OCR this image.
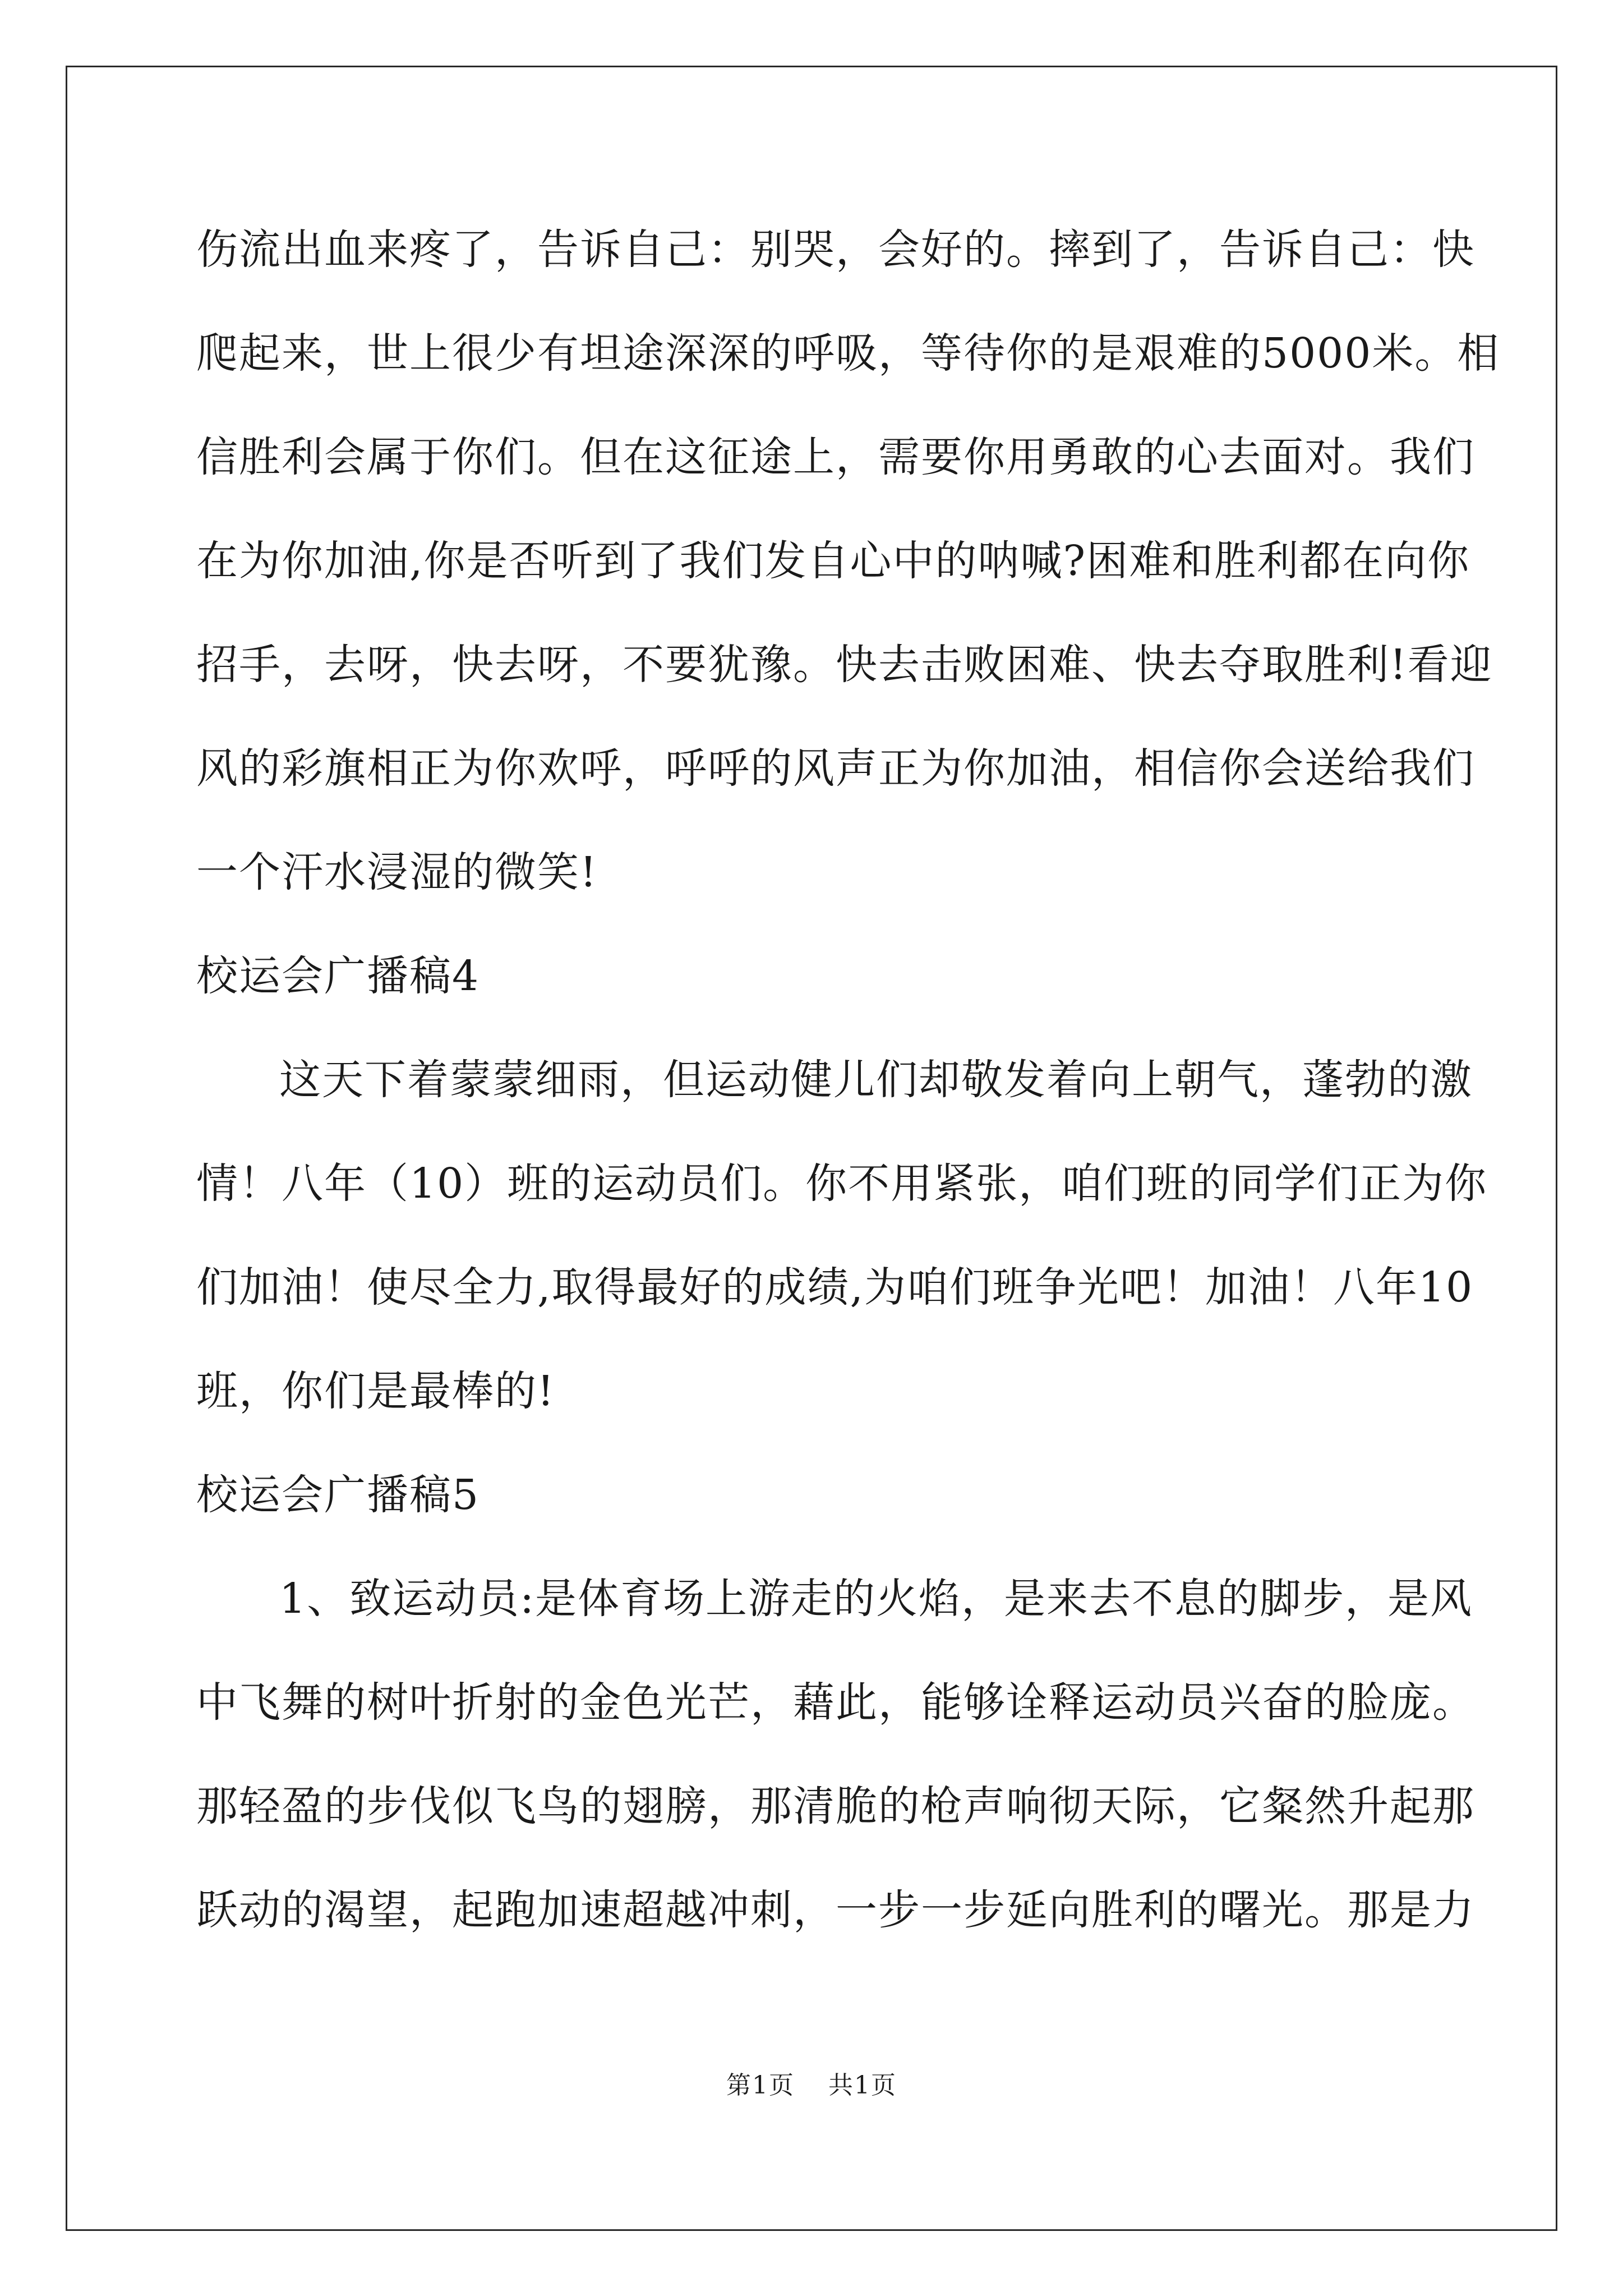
伤流出血来疼了，告诉自己：别哭，会好的。摔到了，告诉自己：快
爬起来，世上很少有坦途深深的呼吸，等待你的是艰难的5000米。相
信胜利会属于你们。但在这征途上，需要你用勇敢的心去面对。我们
在为你加油,你是否听到了我们发自心中的呐喊?困难和胜利都在向你
招手，去呀，快去呀，不要犹豫。快去击败困难、快去夺取胜利!看迎
风的彩旗相正为你欢呼，呼呼的风声正为你加油，相信你会送给我们
一个汗水浸湿的微笑!
校运会广播稿4
这天下着蒙蒙细雨，但运动健儿们却敬发着向上朝气，蓬勃的激
情！八年（10）班的运动员们。你不用紧张，咱们班的同学们正为你
们加油！使尽全力,取得最好的成绩,为咱们班争光吧！加油！八年10
班，你们是最棒的!
校运会广播稿5
1、致运动员:是体育场上游走的火焰，是来去不息的脚步，是风
中飞舞的树叶折射的金色光芒，藉此，能够诠释运动员兴奋的脸庞。
那轻盈的步伐似飞鸟的翅膀，那清脆的枪声响彻天际，它粲然升起那
跃动的渴望，起跑加速超越冲刺，一步一步延向胜利的曙光。那是力
第1页 共1页
